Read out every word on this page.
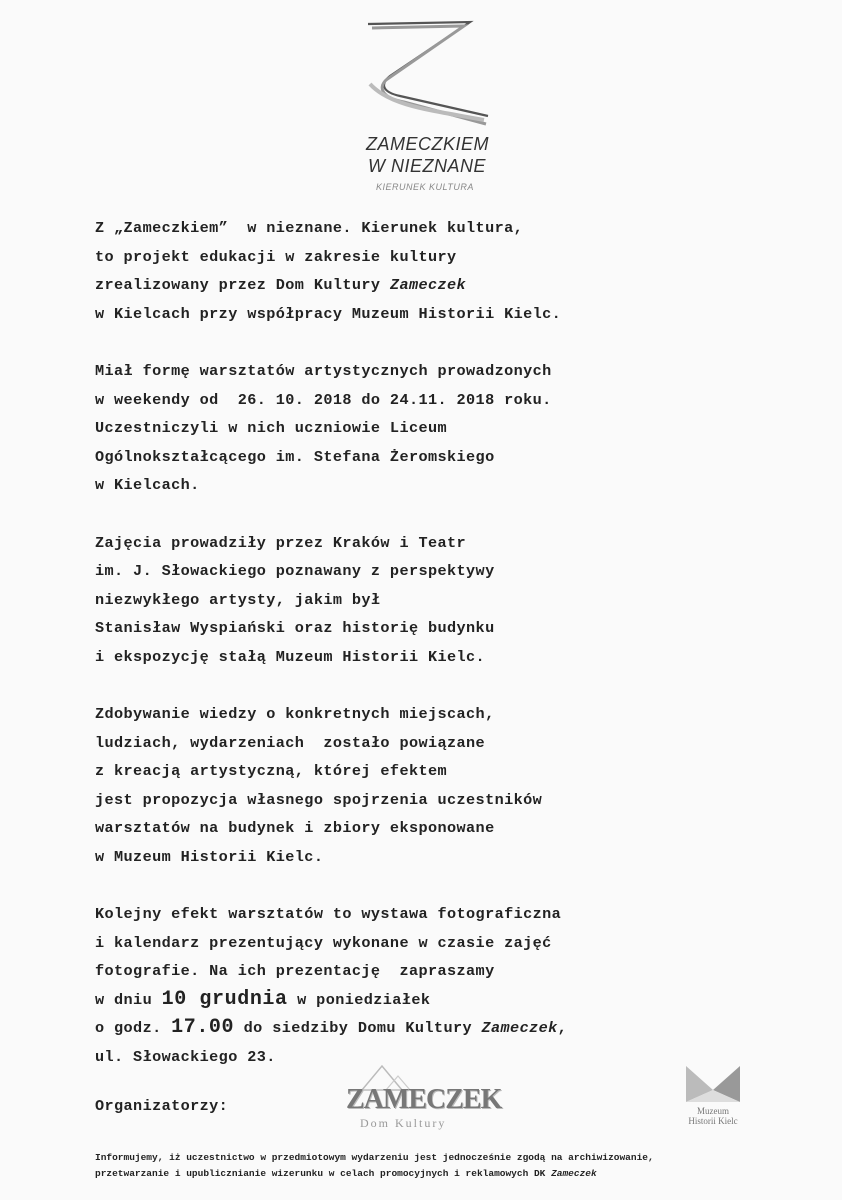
ZAMECZKIEM
W NIEZNANE
KIERUNEK KULTURA
Z „Zameczkiem”  w nieznane. Kierunek kultura,
to projekt edukacji w zakresie kultury
zrealizowany przez Dom Kultury Zameczek
w Kielcach przy współpracy Muzeum Historii Kielc.
Miał formę warsztatów artystycznych prowadzonych
w weekendy od  26. 10. 2018 do 24.11. 2018 roku.
Uczestniczyli w nich uczniowie Liceum
Ogólnokształcącego im. Stefana Żeromskiego
w Kielcach.
Zajęcia prowadziły przez Kraków i Teatr
im. J. Słowackiego poznawany z perspektywy
niezwykłego artysty, jakim był
Stanisław Wyspiański oraz historię budynku
i ekspozycję stałą Muzeum Historii Kielc.
Zdobywanie wiedzy o konkretnych miejscach,
ludziach, wydarzeniach  zostało powiązane
z kreacją artystyczną, której efektem
jest propozycja własnego spojrzenia uczestników
warsztatów na budynek i zbiory eksponowane
w Muzeum Historii Kielc.
Kolejny efekt warsztatów to wystawa fotograficzna
i kalendarz prezentujący wykonane w czasie zajęć
fotografie. Na ich prezentację  zapraszamy
w dniu 10 grudnia w poniedziałek
o godz. 17.00 do siedziby Domu Kultury Zameczek,
ul. Słowackiego 23.
Organizatorzy:	ZAMECZEK
Dom Kultury
Muzeum
Historii Kielc
Informujemy, iż uczestnictwo w przedmiotowym wydarzeniu jest jednocześnie zgodą na archiwizowanie,
przetwarzanie i upublicznianie wizerunku w celach promocyjnych i reklamowych DK Zameczek
